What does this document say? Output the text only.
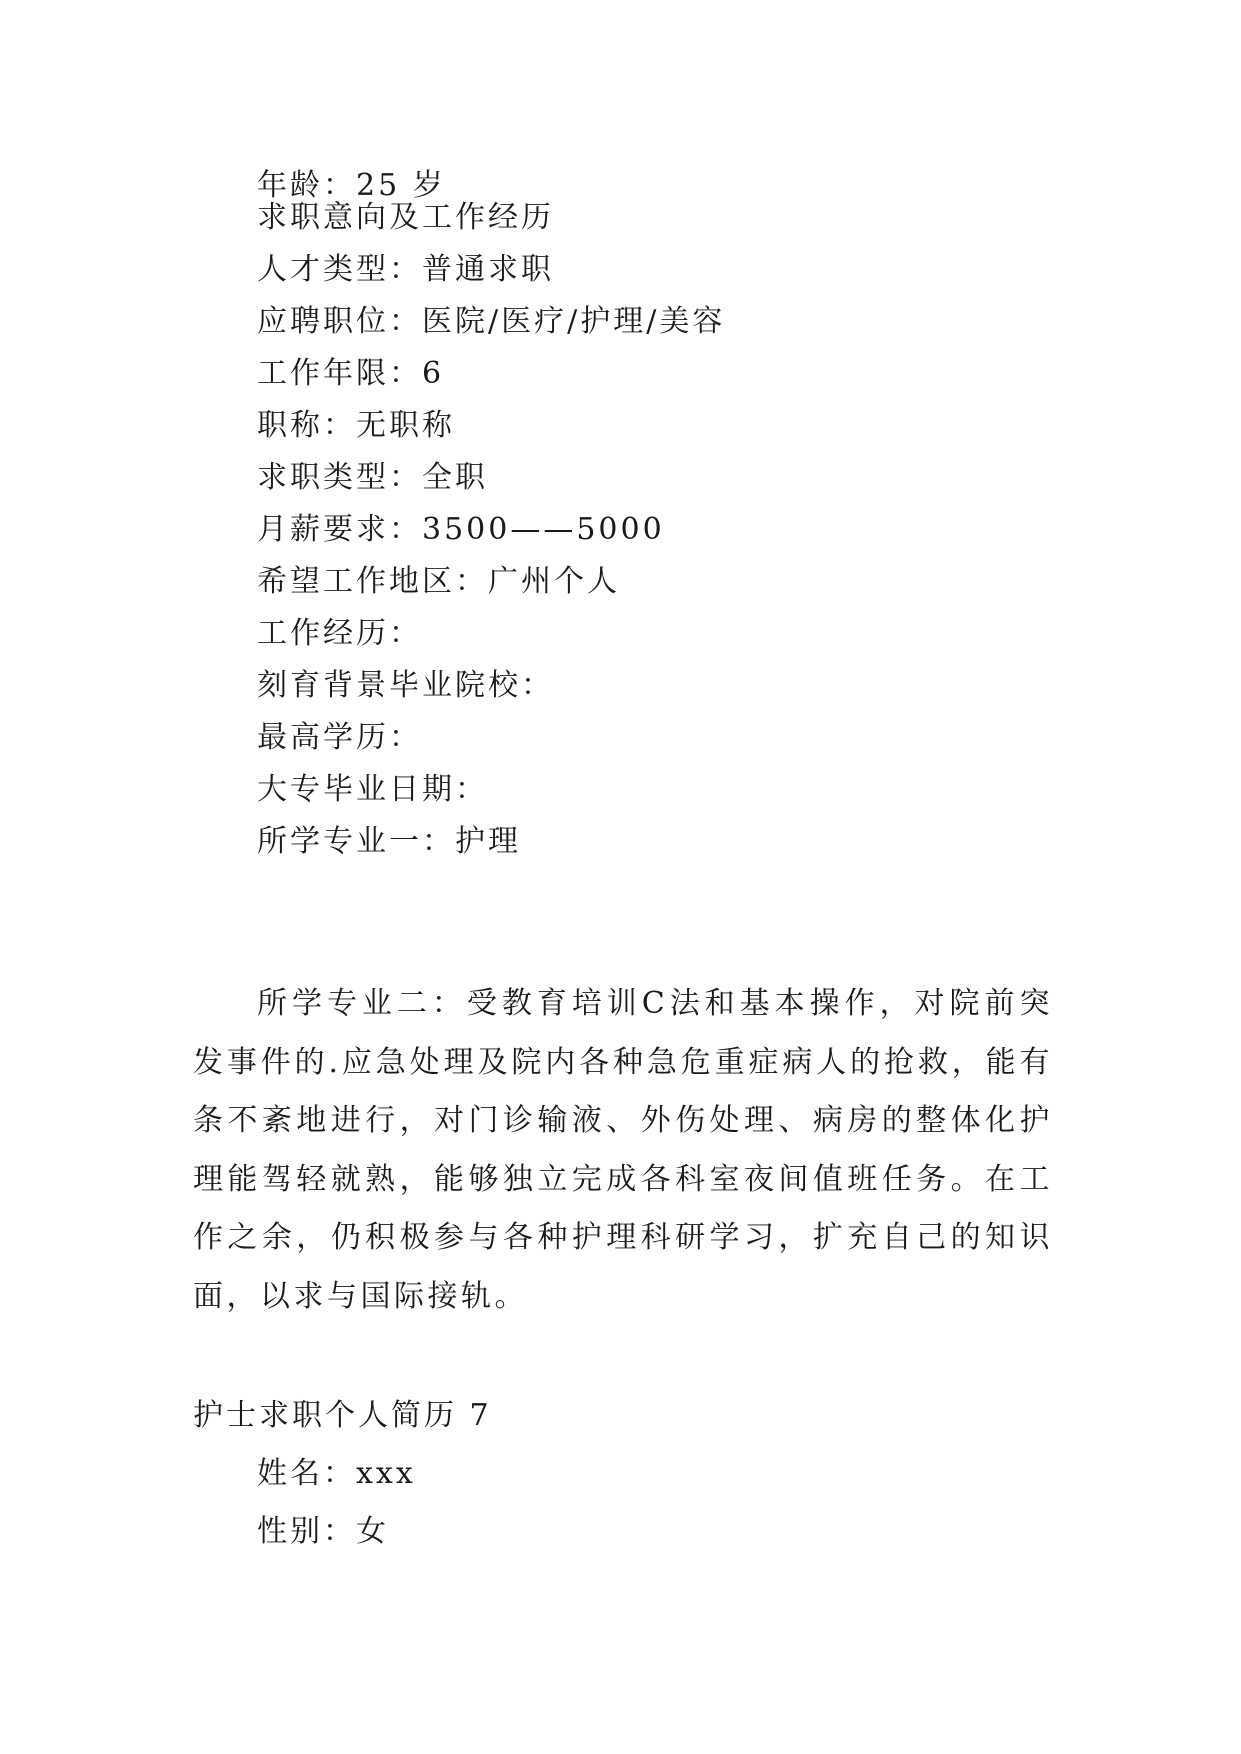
年龄：25 岁
求职意向及工作经历
人才类型：普通求职
应聘职位：医院/医疗/护理/美容
工作年限：6
职称：无职称
求职类型：全职
月薪要求：3500——5000
希望工作地区：广州个人
工作经历：
刻育背景毕业院校：
最高学历：
大专毕业日期：
所学专业一：护理
所学专业二：受教育培训C法和基本操作，对院前突发事件的.应急处理及院内各种急危重症病人的抢救，能有条不紊地进行，对门诊输液、外伤处理、病房的整体化护理能驾轻就熟，能够独立完成各科室夜间值班任务。在工作之余，仍积极参与各种护理科研学习，扩充自己的知识面，以求与国际接轨。
护士求职个人简历 7
姓名：xxx
性别：女
